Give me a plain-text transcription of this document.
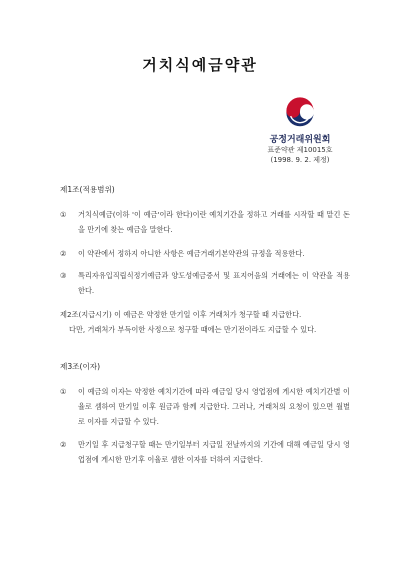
거치식예금약관
공정거래위원회
표준약관 제10015호
(1998. 9. 2. 제정)
제1조(적용범위)
①	거치식예금(이하 '이 예금'이라 한다)이란 예치기간을 정하고 거래를 시작할 때 맡긴 돈을 만기에 찾는 예금을 말한다.
②	이 약관에서 정하지 아니한 사항은 예금거래기본약관의 규정을 적용한다.
③	특리자유입직립식정기예금과 양도성예금증서 및 표지어음의 거래에는 이 약관을 적용한다.
제2조(지급시기) 이 예금은 약정한 만기일 이후 거래처가 청구할 때 지급한다.
다만, 거래처가 부득이한 사정으로 청구할 때에는 만기전이라도 지급할 수 있다.
제3조(이자)
①	이 예금의 이자는 약정한 예치기간에 따라 예금일 당시 영업점에 게시한 예치기간별 이율로 셈하여 만기일 이후 원금과 함께 지급한다. 그러나, 거래처의 요청이 있으면 월별로 이자를 지급할 수 있다.
②	만기일 후 지급청구할 때는 만기일부터 지급일 전날까지의 기간에 대해 예금일 당시 영업점에 게시한 만기후 이율로 셈한 이자를 더하여 지급한다.
